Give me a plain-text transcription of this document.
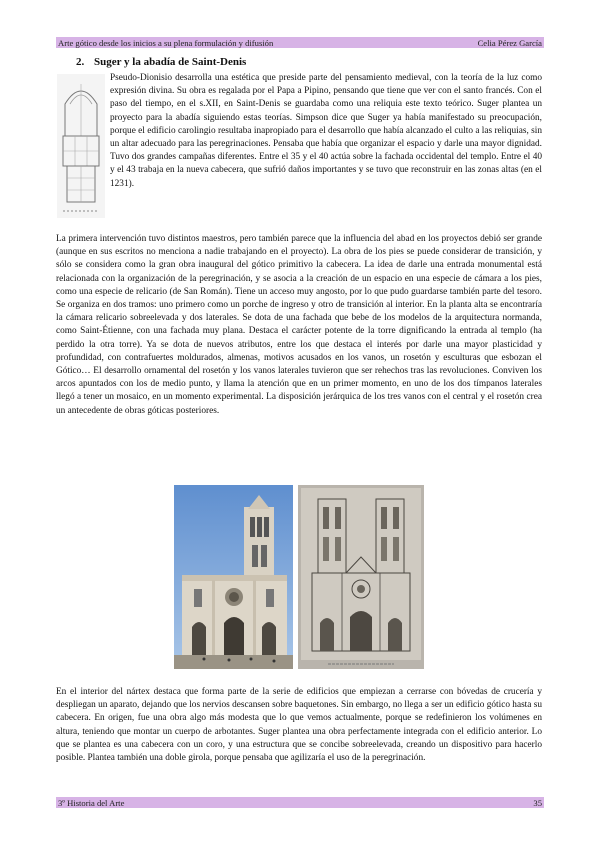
Arte gótico desde los inicios a su plena formulación y difusión	Celia Pérez García
2. Suger y la abadía de Saint-Denis

Pseudo-Dionisio desarrolla una estética que preside parte del pensamiento medieval, con la teoría de la luz como expresión divina. Su obra es regalada por el Papa a Pipino, pensando que tiene que ver con el santo francés. Con el paso del tiempo, en el s.XII, en Saint-Denis se guardaba como una reliquia este texto teórico. Suger plantea un proyecto para la abadía siguiendo estas teorías. Simpson dice que Suger ya había manifestado su preocupación, porque el edificio carolingio resultaba inapropiado para el desarrollo que había alcanzado el culto a las reliquias, sin un altar adecuado para las peregrinaciones. Pensaba que había que organizar el espacio y darle una mayor dignidad. Tuvo dos grandes campañas diferentes. Entre el 35 y el 40 actúa sobre la fachada occidental del templo. Entre el 40 y el 43 trabaja en la nueva cabecera, que sufrió daños importantes y se tuvo que reconstruir en las zonas altas (en el 1231).

La primera intervención tuvo distintos maestros, pero también parece que la influencia del abad en los proyectos debió ser grande (aunque en sus escritos no menciona a nadie trabajando en el proyecto). La obra de los pies se puede considerar de transición, y sólo se considera como la gran obra inaugural del gótico primitivo la cabecera. La idea de darle una entrada monumental está relacionada con la organización de la peregrinación, y se asocia a la creación de un espacio en una especie de cámara a los pies, como una especie de relicario (de San Román). Tiene un acceso muy angosto, por lo que pudo guardarse también parte del tesoro. Se organiza en dos tramos: uno primero como un porche de ingreso y otro de transición al interior. En la planta alta se encontraría la cámara relicario sobreelevada y dos laterales. Se dota de una fachada que bebe de los modelos de la arquitectura normanda, como Saint-Étienne, con una fachada muy plana. Destaca el carácter potente de la torre dignificando la entrada al templo (ha perdido la otra torre). Ya se dota de nuevos atributos, entre los que destaca el interés por darle una mayor plasticidad y profundidad, con contrafuertes moldurados, almenas, motivos acusados en los vanos, un rosetón y esculturas que esbozan el Gótico… El desarrollo ornamental del rosetón y los vanos laterales tuvieron que ser rehechos tras las revoluciones. Conviven los arcos apuntados con los de medio punto, y llama la atención que en un primer momento, en uno de los dos tímpanos laterales llegó a tener un mosaico, en un momento experimental. La disposición jerárquica de los tres vanos con el central y el rosetón crea un antecedente de obras góticas posteriores.

En el interior del nártex destaca que forma parte de la serie de edificios que empiezan a cerrarse con bóvedas de crucería y despliegan un aparato, dejando que los nervios descansen sobre baquetones. Sin embargo, no llega a ser un edificio gótico hasta su cabecera. En origen, fue una obra algo más modesta que lo que vemos actualmente, porque se redefinieron los volúmenes en altura, teniendo que montar un cuerpo de arbotantes. Suger plantea una obra perfectamente integrada con el edificio anterior. Lo que se plantea es una cabecera con un coro, y una estructura que se concibe sobreelevada, creando un dispositivo para hacerlo posible. Plantea también una doble girola, porque pensaba que agilizaría el uso de la peregrinación.

3º Historia del Arte	35
